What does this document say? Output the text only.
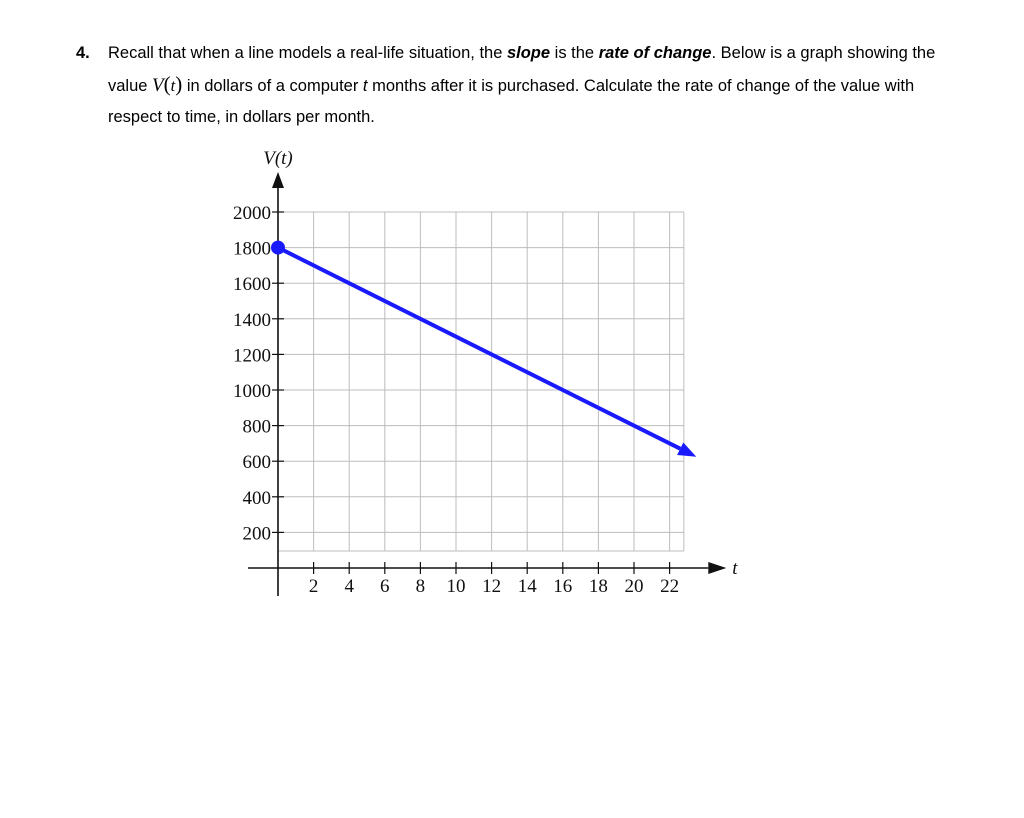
4. Recall that when a line models a real-life situation, the slope is the rate of change. Below is a graph showing the value V(t) in dollars of a computer t months after it is purchased. Calculate the rate of change of the value with respect to time, in dollars per month.
2 4 6 8 10 12 14 16 18 20 22
200
400
600
800
1000
1200
1400
1600
1800
2000
t
V(t)
